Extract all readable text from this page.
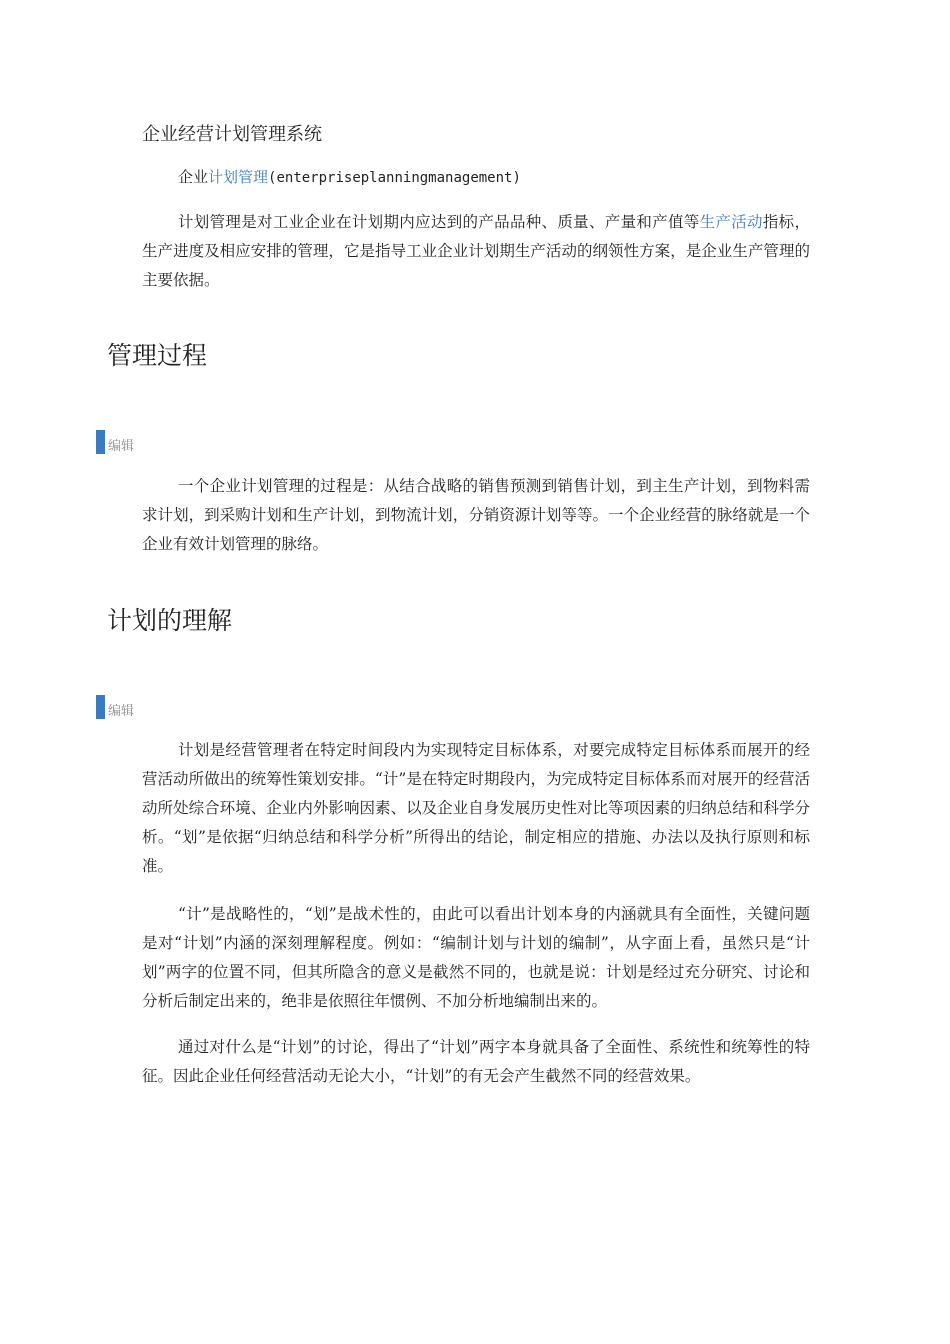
企业经营计划管理系统
企业计划管理(enterpriseplanningmanagement)

计划管理是对工业企业在计划期内应达到的产品品种、质量、产量和产值等生产活动指标，生产进度及相应安排的管理，它是指导工业企业计划期生产活动的纲领性方案，是企业生产管理的主要依据。

管理过程
编辑

一个企业计划管理的过程是：从结合战略的销售预测到销售计划，到主生产计划，到物料需求计划，到采购计划和生产计划，到物流计划，分销资源计划等等。一个企业经营的脉络就是一个企业有效计划管理的脉络。

计划的理解
编辑

计划是经营管理者在特定时间段内为实现特定目标体系，对要完成特定目标体系而展开的经营活动所做出的统筹性策划安排。“计”是在特定时期段内，为完成特定目标体系而对展开的经营活动所处综合环境、企业内外影响因素、以及企业自身发展历史性对比等项因素的归纳总结和科学分析。“划”是依据“归纳总结和科学分析”所得出的结论，制定相应的措施、办法以及执行原则和标准。

“计”是战略性的，“划”是战术性的，由此可以看出计划本身的内涵就具有全面性，关键问题是对“计划”内涵的深刻理解程度。例如：“编制计划与计划的编制”，从字面上看，虽然只是“计划”两字的位置不同，但其所隐含的意义是截然不同的，也就是说：计划是经过充分研究、讨论和分析后制定出来的，绝非是依照往年惯例、不加分析地编制出来的。

通过对什么是“计划”的讨论，得出了“计划”两字本身就具备了全面性、系统性和统筹性的特征。因此企业任何经营活动无论大小，“计划”的有无会产生截然不同的经营效果。
